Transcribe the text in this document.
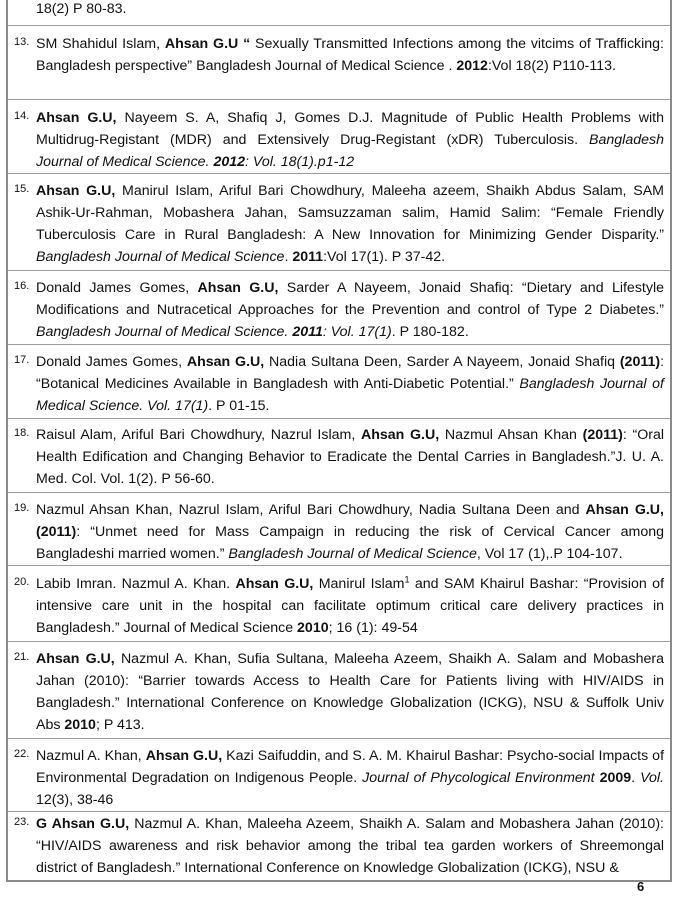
18(2) P 80-83.
13. SM Shahidul Islam, Ahsan G.U “ Sexually Transmitted Infections among the vitcims of Trafficking: Bangladesh perspective” Bangladesh Journal of Medical Science . 2012:Vol 18(2) P110-113.
14. Ahsan G.U, Nayeem S. A, Shafiq J, Gomes D.J. Magnitude of Public Health Problems with Multidrug-Registant (MDR) and Extensively Drug-Registant (xDR) Tuberculosis. Bangladesh Journal of Medical Science. 2012: Vol. 18(1).p1-12
15. Ahsan G.U, Manirul Islam, Ariful Bari Chowdhury, Maleeha azeem, Shaikh Abdus Salam, SAM Ashik-Ur-Rahman, Mobashera Jahan, Samsuzzaman salim, Hamid Salim: “Female Friendly Tuberculosis Care in Rural Bangladesh: A New Innovation for Minimizing Gender Disparity.” Bangladesh Journal of Medical Science. 2011:Vol 17(1). P 37-42.
16. Donald James Gomes, Ahsan G.U, Sarder A Nayeem, Jonaid Shafiq: “Dietary and Lifestyle Modifications and Nutracetical Approaches for the Prevention and control of Type 2 Diabetes.” Bangladesh Journal of Medical Science. 2011: Vol. 17(1). P 180-182.
17. Donald James Gomes, Ahsan G.U, Nadia Sultana Deen, Sarder A Nayeem, Jonaid Shafiq (2011): “Botanical Medicines Available in Bangladesh with Anti-Diabetic Potential.” Bangladesh Journal of Medical Science. Vol. 17(1). P 01-15.
18. Raisul Alam, Ariful Bari Chowdhury, Nazrul Islam, Ahsan G.U, Nazmul Ahsan Khan (2011): “Oral Health Edification and Changing Behavior to Eradicate the Dental Carries in Bangladesh.”J. U. A. Med. Col. Vol. 1(2). P 56-60.
19. Nazmul Ahsan Khan, Nazrul Islam, Ariful Bari Chowdhury, Nadia Sultana Deen and Ahsan G.U, (2011): “Unmet need for Mass Campaign in reducing the risk of Cervical Cancer among Bangladeshi married women.” Bangladesh Journal of Medical Science, Vol 17 (1),.P 104-107.
20. Labib Imran. Nazmul A. Khan. Ahsan G.U, Manirul Islam$^1$ and SAM Khairul Bashar: “Provision of intensive care unit in the hospital can facilitate optimum critical care delivery practices in Bangladesh.” Journal of Medical Science 2010; 16 (1): 49-54
21. Ahsan G.U, Nazmul A. Khan, Sufia Sultana, Maleeha Azeem, Shaikh A. Salam and Mobashera Jahan (2010): “Barrier towards Access to Health Care for Patients living with HIV/AIDS in Bangladesh.” International Conference on Knowledge Globalization (ICKG), NSU & Suffolk Univ Abs 2010; P 413.
22. Nazmul A. Khan, Ahsan G.U, Kazi Saifuddin, and S. A. M. Khairul Bashar: Psycho-social Impacts of Environmental Degradation on Indigenous People. Journal of Phycological Environment 2009. Vol. 12(3), 38-46
23. G Ahsan G.U, Nazmul A. Khan, Maleeha Azeem, Shaikh A. Salam and Mobashera Jahan (2010): “HIV/AIDS awareness and risk behavior among the tribal tea garden workers of Shreemongal district of Bangladesh.” International Conference on Knowledge Globalization (ICKG), NSU &
6
